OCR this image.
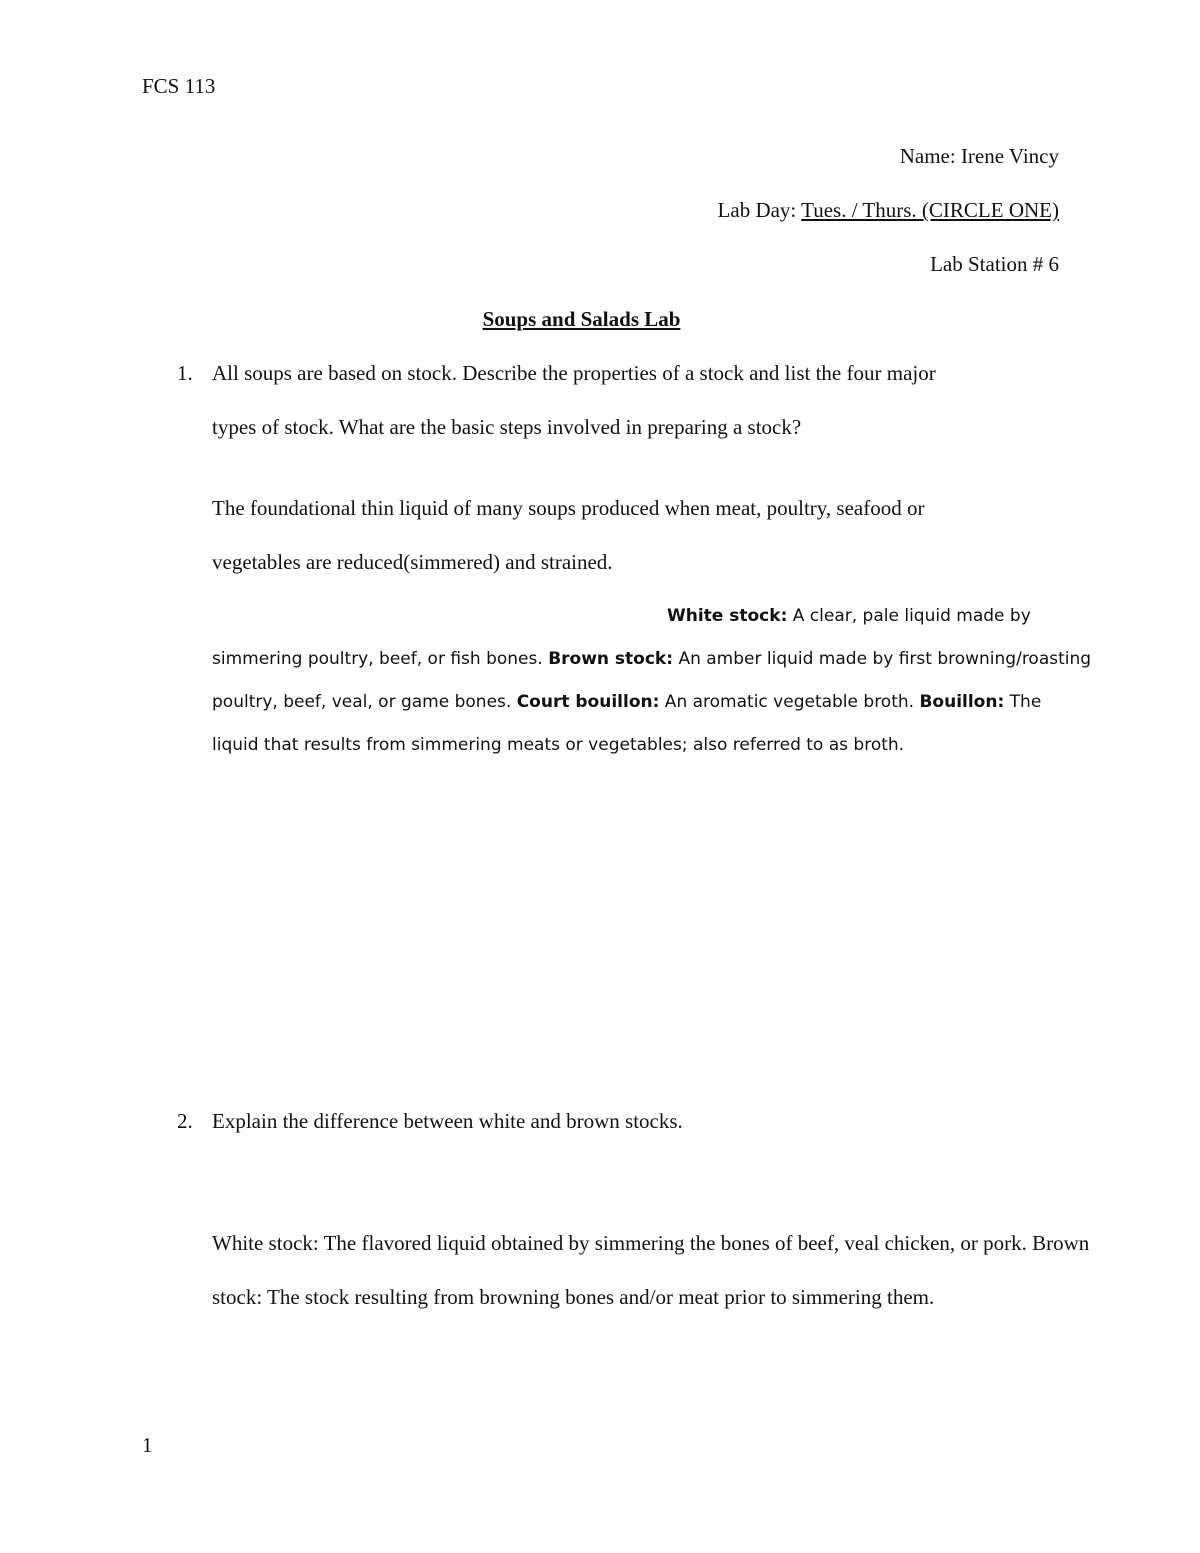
FCS 113
Name: Irene Vincy
Lab Day: Tues. / Thurs. (CIRCLE ONE)
Lab Station # 6
Soups and Salads Lab
1. All soups are based on stock. Describe the properties of a stock and list the four major
types of stock. What are the basic steps involved in preparing a stock?
The foundational thin liquid of many soups produced when meat, poultry, seafood or
vegetables are reduced(simmered) and strained.
White stock: A clear, pale liquid made by simmering poultry, beef, or fish bones. Brown stock: An amber liquid made by first browning/roasting poultry, beef, veal, or game bones. Court bouillon: An aromatic vegetable broth. Bouillon: The liquid that results from simmering meats or vegetables; also referred to as broth.
2. Explain the difference between white and brown stocks.

White stock: The flavored liquid obtained by simmering the bones of beef, veal chicken, or pork. Brown stock: The stock resulting from browning bones and/or meat prior to simmering them.

1
